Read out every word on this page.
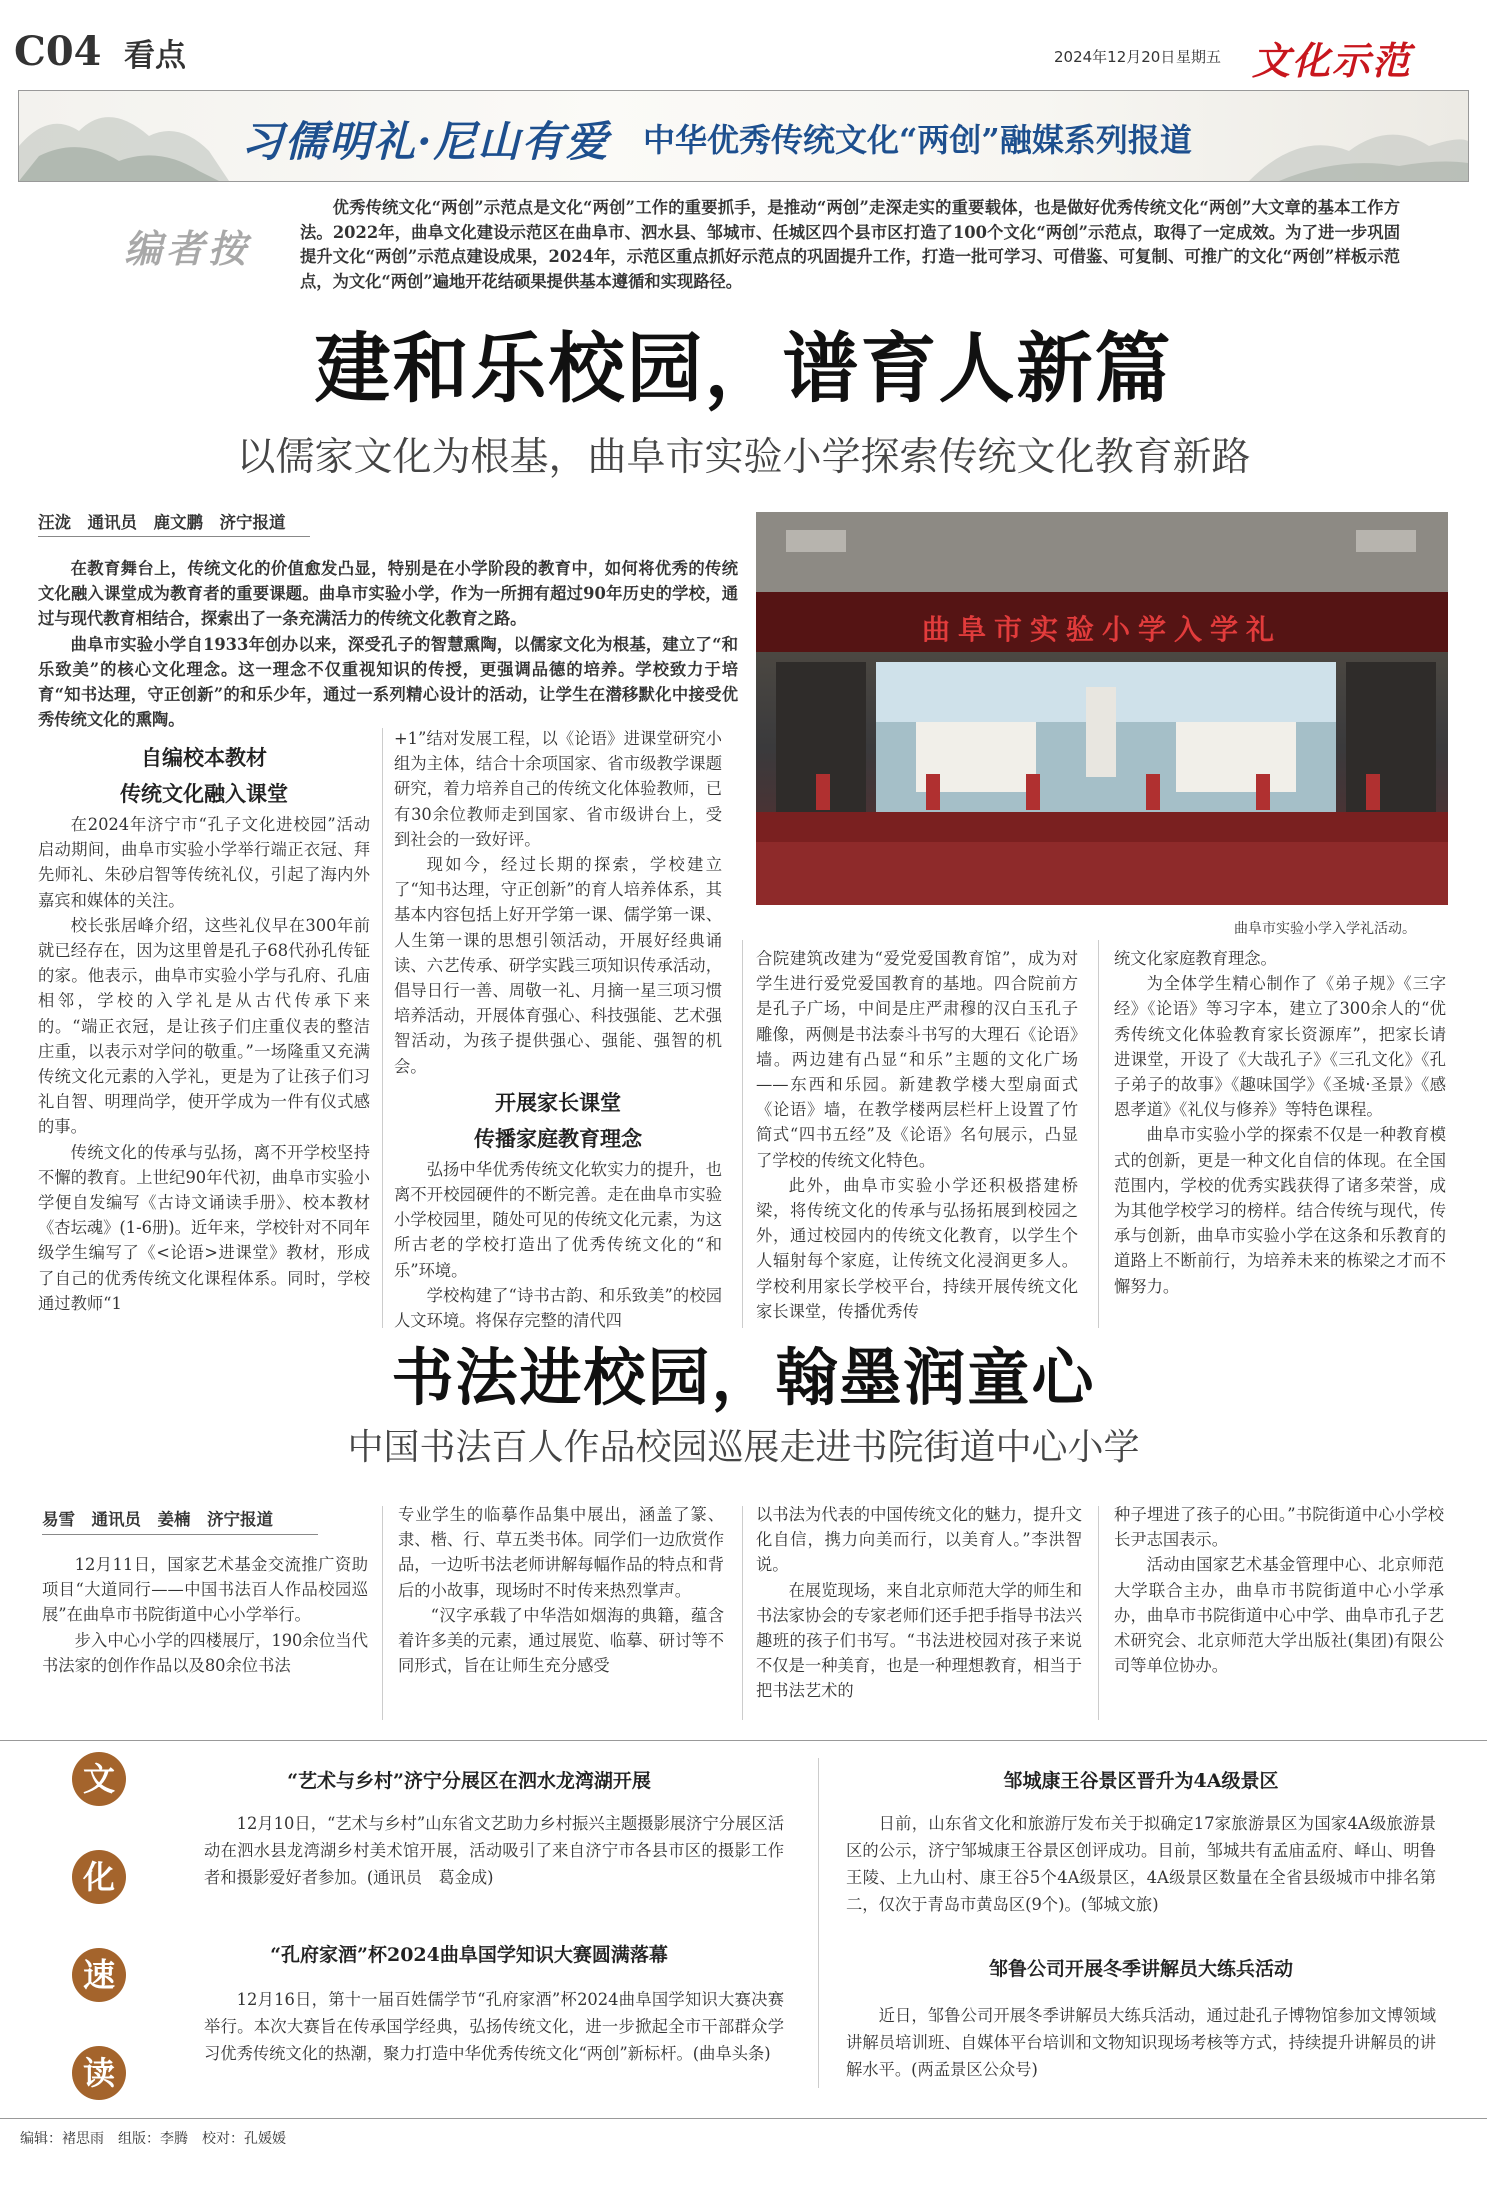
C04 看点	2024年12月20日 星期五 文化示范
习儒明礼·尼山有爱 中华优秀传统文化“两创”融媒系列报道
编者按

优秀传统文化“两创”示范点是文化“两创”工作的重要抓手，是推动“两创”走深走实的重要载体，也是做好优秀传统文化“两创”大文章的基本工作方法。2022年，曲阜文化建设示范区在曲阜市、泗水县、邹城市、任城区四个县市区打造了100个文化“两创”示范点，取得了一定成效。为了进一步巩固提升文化“两创”示范点建设成果，2024年，示范区重点抓好示范点的巩固提升工作，打造一批可学习、可借鉴、可复制、可推广的文化“两创”样板示范点，为文化“两创”遍地开花结硕果提供基本遵循和实现路径。

建和乐校园，谱育人新篇
以儒家文化为根基，曲阜市实验小学探索传统文化教育新路
汪泷　通讯员　鹿文鹏　济宁报道

在教育舞台上，传统文化的价值愈发凸显，特别是在小学阶段的教育中，如何将优秀的传统文化融入课堂成为教育者的重要课题。曲阜市实验小学，作为一所拥有超过90年历史的学校，通过与现代教育相结合，探索出了一条充满活力的传统文化教育之路。

曲阜市实验小学自1933年创办以来，深受孔子的智慧熏陶，以儒家文化为根基，建立了“和乐致美”的核心文化理念。这一理念不仅重视知识的传授，更强调品德的培养。学校致力于培育“知书达理，守正创新”的和乐少年，通过一系列精心设计的活动，让学生在潜移默化中接受优秀传统文化的熏陶。

曲阜市实验小学入学礼
曲阜市实验小学入学礼活动。
自编校本教材
传统文化融入课堂

在2024年济宁市“孔子文化进校园”活动启动期间，曲阜市实验小学举行端正衣冠、拜先师礼、朱砂启智等传统礼仪，引起了海内外嘉宾和媒体的关注。

校长张居峰介绍，这些礼仪早在300年前就已经存在，因为这里曾是孔子68代孙孔传钲的家。他表示，曲阜市实验小学与孔府、孔庙相邻，学校的入学礼是从古代传承下来的。“端正衣冠，是让孩子们庄重仪表的整洁庄重，以表示对学问的敬重。”一场隆重又充满传统文化元素的入学礼，更是为了让孩子们习礼自智、明理尚学，使开学成为一件有仪式感的事。

传统文化的传承与弘扬，离不开学校坚持不懈的教育。上世纪90年代初，曲阜市实验小学便自发编写《古诗文诵读手册》、校本教材《杏坛魂》(1-6册)。近年来，学校针对不同年级学生编写了《<论语>进课堂》教材，形成了自己的优秀传统文化课程体系。同时，学校通过教师“1

+1”结对发展工程，以《论语》进课堂研究小组为主体，结合十余项国家、省市级教学课题研究，着力培养自己的传统文化体验教师，已有30余位教师走到国家、省市级讲台上，受到社会的一致好评。

现如今，经过长期的探索，学校建立了“知书达理，守正创新”的育人培养体系，其基本内容包括上好开学第一课、儒学第一课、人生第一课的思想引领活动，开展好经典诵读、六艺传承、研学实践三项知识传承活动，倡导日行一善、周敬一礼、月摘一星三项习惯培养活动，开展体育强心、科技强能、艺术强智活动，为孩子提供强心、强能、强智的机会。

开展家长课堂
传播家庭教育理念

弘扬中华优秀传统文化软实力的提升，也离不开校园硬件的不断完善。走在曲阜市实验小学校园里，随处可见的传统文化元素，为这所古老的学校打造出了优秀传统文化的“和乐”环境。

学校构建了“诗书古韵、和乐致美”的校园人文环境。将保存完整的清代四

合院建筑改建为“爱党爱国教育馆”，成为对学生进行爱党爱国教育的基地。四合院前方是孔子广场，中间是庄严肃穆的汉白玉孔子雕像，两侧是书法泰斗书写的大理石《论语》墙。两边建有凸显“和乐”主题的文化广场——东西和乐园。新建教学楼大型扇面式《论语》墙，在教学楼两层栏杆上设置了竹简式“四书五经”及《论语》名句展示，凸显了学校的传统文化特色。

此外，曲阜市实验小学还积极搭建桥梁，将传统文化的传承与弘扬拓展到校园之外，通过校园内的传统文化教育，以学生个人辐射每个家庭，让传统文化浸润更多人。学校利用家长学校平台，持续开展传统文化家长课堂，传播优秀传

统文化家庭教育理念。

为全体学生精心制作了《弟子规》《三字经》《论语》等习字本，建立了300余人的“优秀传统文化体验教育家长资源库”，把家长请进课堂，开设了《大哉孔子》《三孔文化》《孔子弟子的故事》《趣味国学》《圣城·圣景》《感恩孝道》《礼仪与修养》等特色课程。

曲阜市实验小学的探索不仅是一种教育模式的创新，更是一种文化自信的体现。在全国范围内，学校的优秀实践获得了诸多荣誉，成为其他学校学习的榜样。结合传统与现代，传承与创新，曲阜市实验小学在这条和乐教育的道路上不断前行，为培养未来的栋梁之才而不懈努力。

书法进校园，翰墨润童心
中国书法百人作品校园巡展走进书院街道中心小学
易雪　通讯员　姜楠　济宁报道

12月11日，国家艺术基金交流推广资助项目“大道同行——中国书法百人作品校园巡展”在曲阜市书院街道中心小学举行。

步入中心小学的四楼展厅，190余位当代书法家的创作作品以及80余位书法

专业学生的临摹作品集中展出，涵盖了篆、隶、楷、行、草五类书体。同学们一边欣赏作品，一边听书法老师讲解每幅作品的特点和背后的小故事，现场时不时传来热烈掌声。

“汉字承载了中华浩如烟海的典籍，蕴含着许多美的元素，通过展览、临摹、研讨等不同形式，旨在让师生充分感受

以书法为代表的中国传统文化的魅力，提升文化自信，携力向美而行，以美育人。”李洪智说。

在展览现场，来自北京师范大学的师生和书法家协会的专家老师们还手把手指导书法兴趣班的孩子们书写。“书法进校园对孩子来说不仅是一种美育，也是一种理想教育，相当于把书法艺术的

种子埋进了孩子的心田。”书院街道中心小学校长尹志国表示。

活动由国家艺术基金管理中心、北京师范大学联合主办，曲阜市书院街道中心小学承办，曲阜市书院街道中心中学、曲阜市孔子艺术研究会、北京师范大学出版社(集团)有限公司等单位协办。

文
化
速
读
“艺术与乡村”济宁分展区在泗水龙湾湖开展

12月10日，“艺术与乡村”山东省文艺助力乡村振兴主题摄影展济宁分展区活动在泗水县龙湾湖乡村美术馆开展，活动吸引了来自济宁市各县市区的摄影工作者和摄影爱好者参加。(通讯员　葛金成)

“孔府家酒”杯2024曲阜国学知识大赛圆满落幕

12月16日，第十一届百姓儒学节“孔府家酒”杯2024曲阜国学知识大赛决赛举行。本次大赛旨在传承国学经典，弘扬传统文化，进一步掀起全市干部群众学习优秀传统文化的热潮，聚力打造中华优秀传统文化“两创”新标杆。(曲阜头条)

邹城康王谷景区晋升为4A级景区

日前，山东省文化和旅游厅发布关于拟确定17家旅游景区为国家4A级旅游景区的公示，济宁邹城康王谷景区创评成功。目前，邹城共有孟庙孟府、峄山、明鲁王陵、上九山村、康王谷5个4A级景区，4A级景区数量在全省县级城市中排名第二，仅次于青岛市黄岛区(9个)。(邹城文旅)

邹鲁公司开展冬季讲解员大练兵活动

近日，邹鲁公司开展冬季讲解员大练兵活动，通过赴孔子博物馆参加文博领域讲解员培训班、自媒体平台培训和文物知识现场考核等方式，持续提升讲解员的讲解水平。(两孟景区公众号)

编辑：褚思雨　组版：李腾　校对：孔媛媛
